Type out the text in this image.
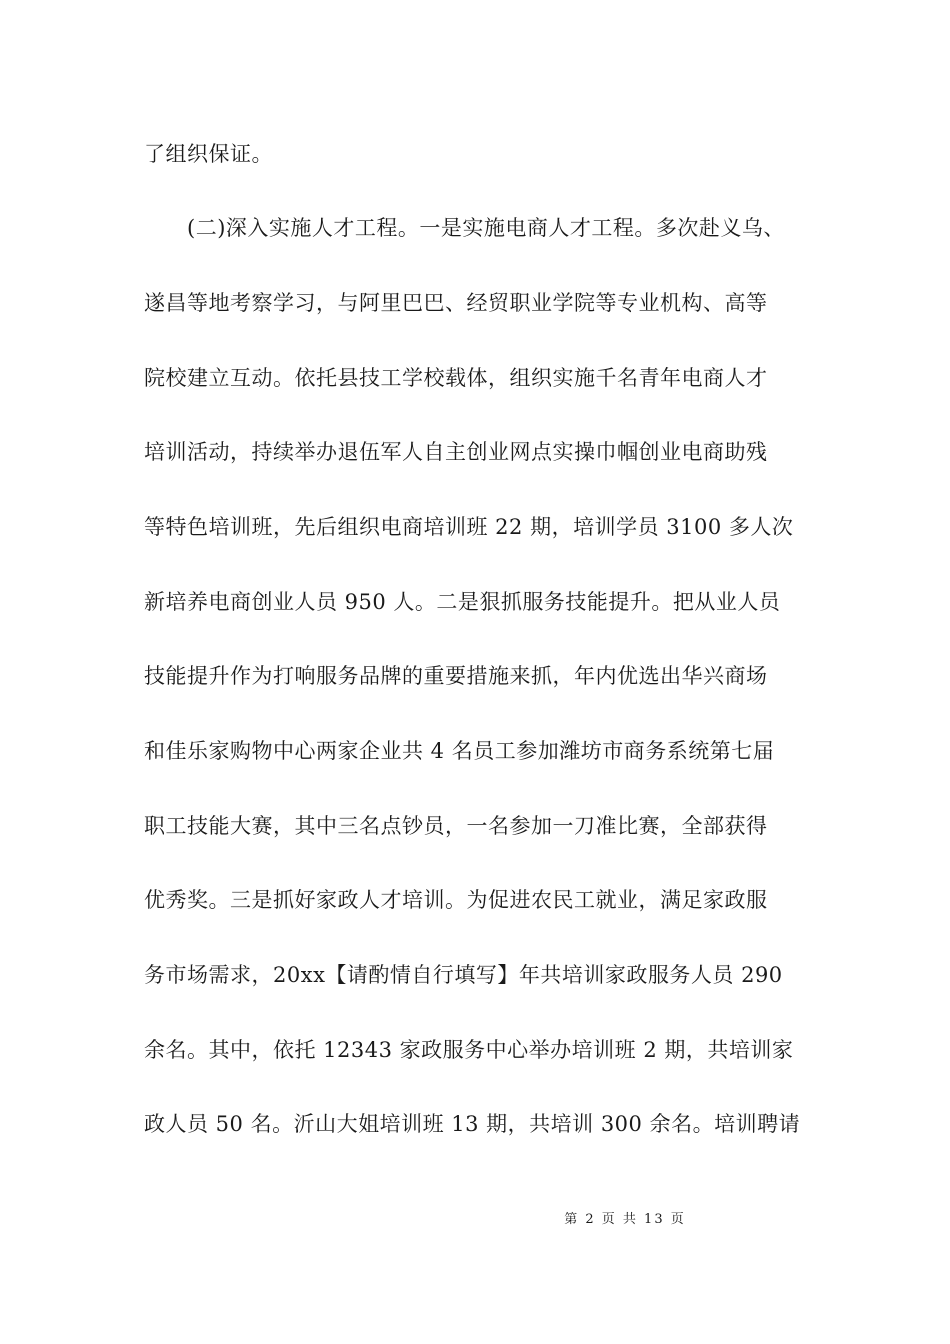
了组织保证。
　　(二)深入实施人才工程。一是实施电商人才工程。多次赴义乌、
遂昌等地考察学习，与阿里巴巴、经贸职业学院等专业机构、高等
院校建立互动。依托县技工学校载体，组织实施千名青年电商人才
培训活动，持续举办退伍军人自主创业网点实操巾帼创业电商助残
等特色培训班，先后组织电商培训班 22 期，培训学员 3100 多人次
新培养电商创业人员 950 人。二是狠抓服务技能提升。把从业人员
技能提升作为打响服务品牌的重要措施来抓，年内优选出华兴商场
和佳乐家购物中心两家企业共 4 名员工参加潍坊市商务系统第七届
职工技能大赛，其中三名点钞员，一名参加一刀准比赛，全部获得
优秀奖。三是抓好家政人才培训。为促进农民工就业，满足家政服
务市场需求，20xx【请酌情自行填写】年共培训家政服务人员 290
余名。其中，依托 12343 家政服务中心举办培训班 2 期，共培训家
政人员 50 名。沂山大姐培训班 13 期，共培训 300 余名。培训聘请
第 2 页 共 13 页
